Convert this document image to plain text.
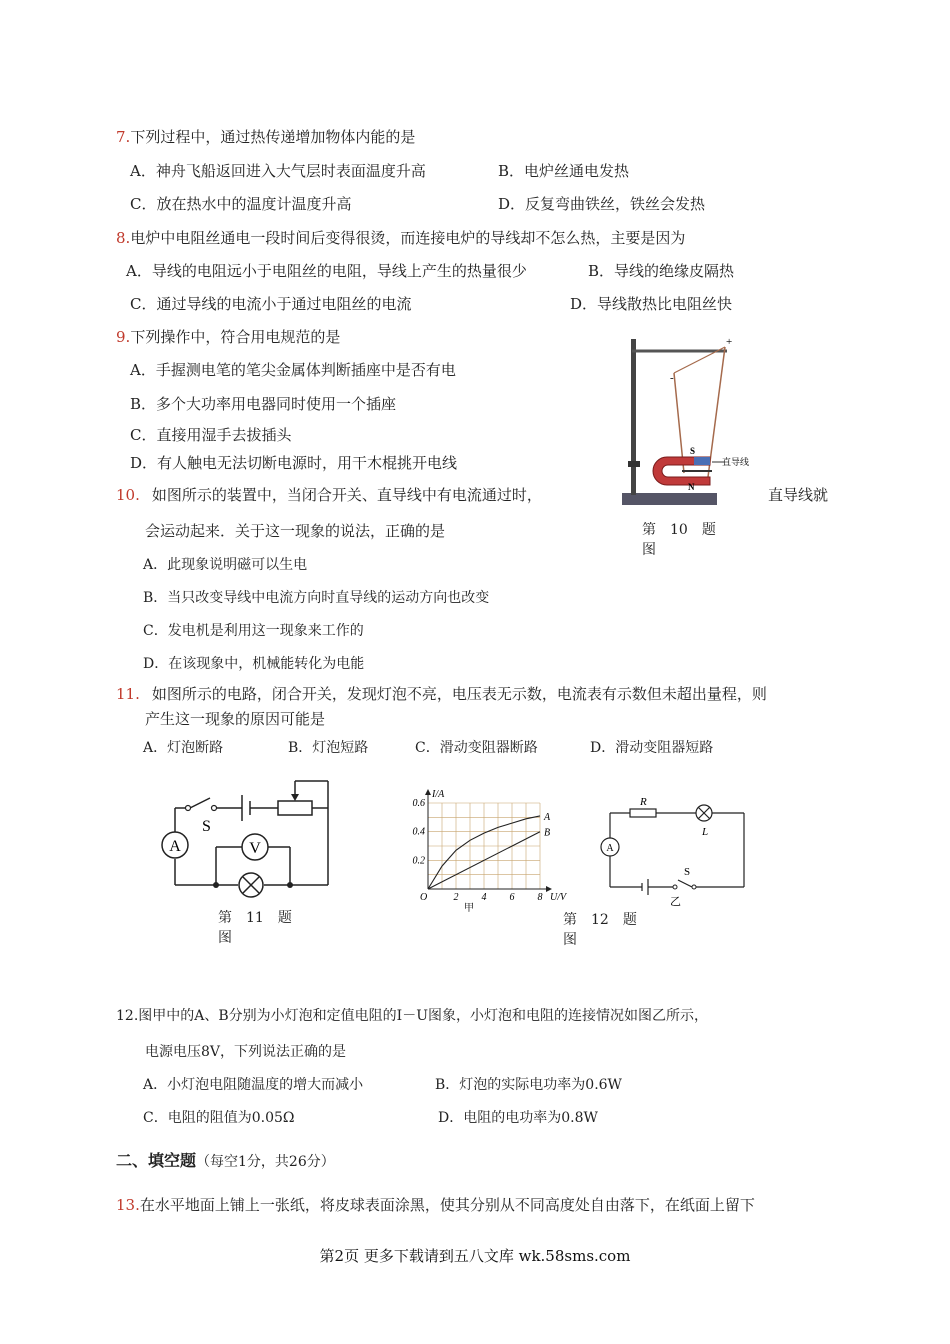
7.下列过程中，通过热传递增加物体内能的是
A．神舟飞船返回进入大气层时表面温度升高	B．电炉丝通电发热
C．放在热水中的温度计温度升高	D．反复弯曲铁丝，铁丝会发热
8.电炉中电阻丝通电一段时间后变得很烫，而连接电炉的导线却不怎么热，主要是因为
A．导线的电阻远小于电阻丝的电阻，导线上产生的热量很少	B．导线的绝缘皮隔热
C．通过导线的电流小于通过电阻丝的电流	D．导线散热比电阻丝快
9.下列操作中，符合用电规范的是
A．手握测电笔的笔尖金属体判断插座中是否有电
B．多个大功率用电器同时使用一个插座
C．直接用湿手去拔插头
D．有人触电无法切断电源时，用干木棍挑开电线
+
-
S
N
直导线
第　10　题
图
10. 如图所示的装置中，当闭合开关、直导线中有电流通过时，	直导线就
会运动起来．关于这一现象的说法，正确的是
A．此现象说明磁可以生电
B．当只改变导线中电流方向时直导线的运动方向也改变
C．发电机是利用这一现象来工作的
D．在该现象中，机械能转化为电能
11. 如图所示的电路，闭合开关，发现灯泡不亮，电压表无示数，电流表有示数但未超出量程，则
产生这一现象的原因可能是
A．灯泡断路	B．灯泡短路	C．滑动变阻器断路	D．滑动变阻器短路
S
A	V
第　11　题
图
A
B
2 4 6 8
0.2
0.4
0.6
O	U/V
I/A
甲
R
L
A
S
乙
第　12　题
图
12.图甲中的A、B分别为小灯泡和定值电阻的I－U图象，小灯泡和电阻的连接情况如图乙所示，
电源电压8V，下列说法正确的是
A．小灯泡电阻随温度的增大而减小	B．灯泡的实际电功率为0.6W
C．电阻的阻值为0.05Ω	D．电阻的电功率为0.8W
二、填空题（每空1分，共26分）
13.在水平地面上铺上一张纸，将皮球表面涂黑，使其分别从不同高度处自由落下，在纸面上留下
第2页 更多下载请到五八文库 wk.58sms.com
